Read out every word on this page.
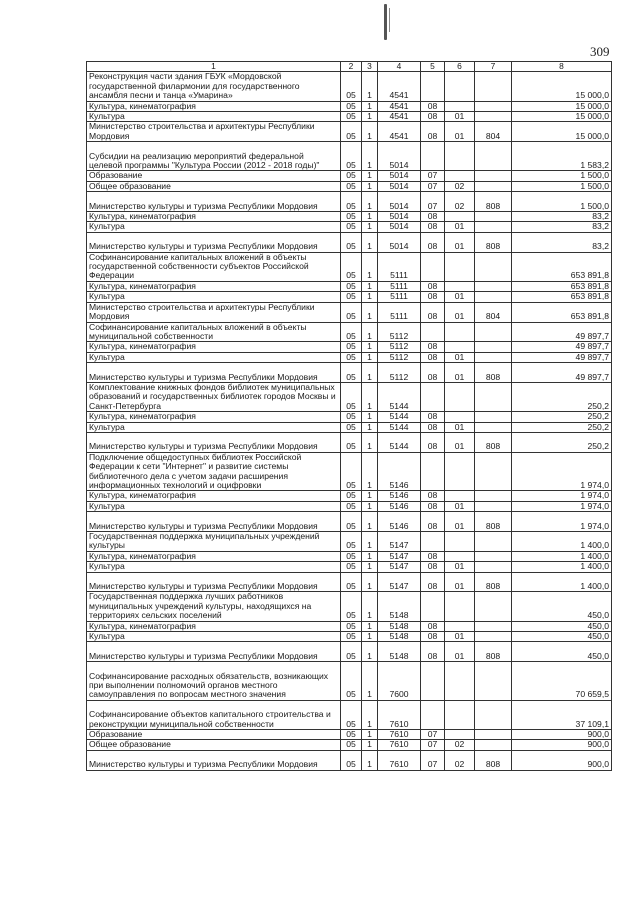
309
1	2	3	4	5	6	7	8
Реконструкция части здания ГБУК «Мордовской государственной филармонии для государственного ансамбля песни и танца «Умарина»	05	1	4541				15 000,0
Культура, кинематография	05	1	4541	08			15 000,0
Культура	05	1	4541	08	01		15 000,0
Министерство строительства и архитектуры Республики Мордовия	05	1	4541	08	01	804	15 000,0
Субсидии на реализацию мероприятий федеральной целевой программы "Культура России (2012 - 2018 годы)"	05	1	5014				1 583,2
Образование	05	1	5014	07			1 500,0
Общее образование	05	1	5014	07	02		1 500,0
Министерство культуры и туризма Республики Мордовия	05	1	5014	07	02	808	1 500,0
Культура, кинематография	05	1	5014	08			83,2
Культура	05	1	5014	08	01		83,2
Министерство культуры и туризма Республики Мордовия	05	1	5014	08	01	808	83,2
Софинансирование капитальных вложений в объекты государственной собственности субъектов Российской Федерации	05	1	5111				653 891,8
Культура, кинематография	05	1	5111	08			653 891,8
Культура	05	1	5111	08	01		653 891,8
Министерство строительства и архитектуры Республики Мордовия	05	1	5111	08	01	804	653 891,8
Софинансирование капитальных вложений в объекты муниципальной собственности	05	1	5112				49 897,7
Культура, кинематография	05	1	5112	08			49 897,7
Культура	05	1	5112	08	01		49 897,7
Министерство культуры и туризма Республики Мордовия	05	1	5112	08	01	808	49 897,7
Комплектование книжных фондов библиотек муниципальных образований и государственных библиотек городов Москвы и Санкт-Петербурга	05	1	5144				250,2
Культура, кинематография	05	1	5144	08			250,2
Культура	05	1	5144	08	01		250,2
Министерство культуры и туризма Республики Мордовия	05	1	5144	08	01	808	250,2
Подключение общедоступных библиотек Российской Федерации к сети "Интернет" и развитие системы библиотечного дела с учетом задачи расширения информационных технологий и оцифровки	05	1	5146				1 974,0
Культура, кинематография	05	1	5146	08			1 974,0
Культура	05	1	5146	08	01		1 974,0
Министерство культуры и туризма Республики Мордовия	05	1	5146	08	01	808	1 974,0
Государственная поддержка муниципальных учреждений культуры	05	1	5147				1 400,0
Культура, кинематография	05	1	5147	08			1 400,0
Культура	05	1	5147	08	01		1 400,0
Министерство культуры и туризма Республики Мордовия	05	1	5147	08	01	808	1 400,0
Государственная поддержка лучших работников муниципальных учреждений культуры, находящихся на территориях сельских поселений	05	1	5148				450,0
Культура, кинематография	05	1	5148	08			450,0
Культура	05	1	5148	08	01		450,0
Министерство культуры и туризма Республики Мордовия	05	1	5148	08	01	808	450,0
Софинансирование расходных обязательств, возникающих при выполнении полномочий органов местного самоуправления по вопросам местного значения	05	1	7600				70 659,5
Софинансирование объектов капитального строительства и реконструкции муниципальной собственности	05	1	7610				37 109,1
Образование	05	1	7610	07			900,0
Общее образование	05	1	7610	07	02		900,0
Министерство культуры и туризма Республики Мордовия	05	1	7610	07	02	808	900,0
